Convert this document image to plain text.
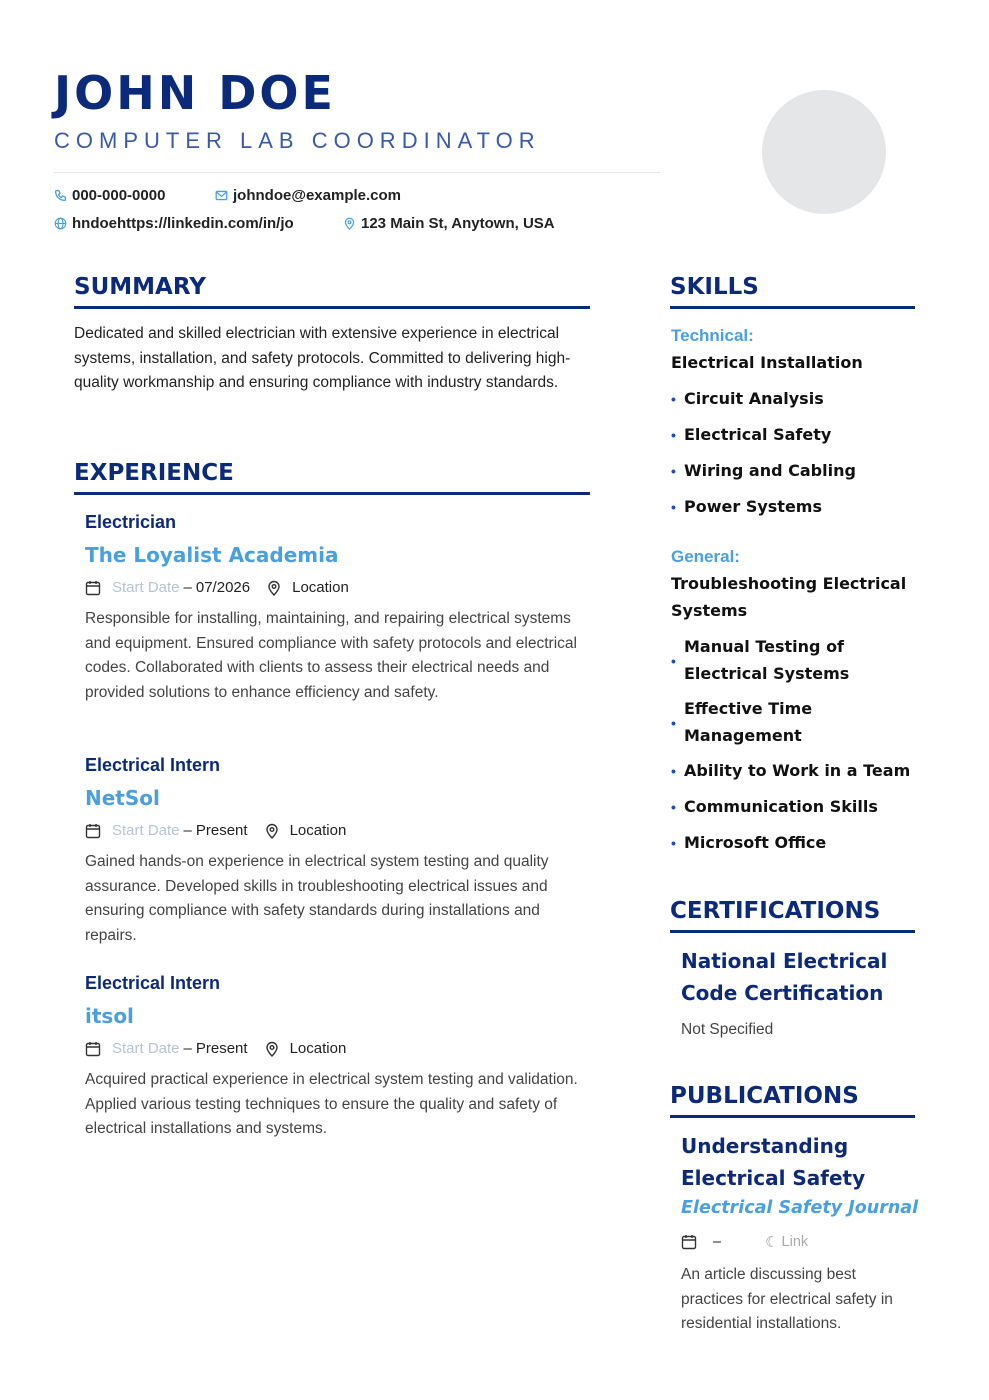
JOHN DOE
COMPUTER LAB COORDINATOR
000-000-0000	johndoe@example.com
hndoehttps://linkedin.com/in/jo	123 Main St, Anytown, USA
SUMMARY
Dedicated and skilled electrician with extensive experience in electrical systems, installation, and safety protocols. Committed to delivering high-quality workmanship and ensuring compliance with industry standards.
EXPERIENCE
Electrician
The Loyalist Academia
Start Date – 07/2026	Location
Responsible for installing, maintaining, and repairing electrical systems and equipment. Ensured compliance with safety protocols and electrical codes. Collaborated with clients to assess their electrical needs and provided solutions to enhance efficiency and safety.
Electrical Intern
NetSol
Start Date – Present	Location
Gained hands-on experience in electrical system testing and quality assurance. Developed skills in troubleshooting electrical issues and ensuring compliance with safety standards during installations and repairs.
Electrical Intern
itsol
Start Date – Present	Location
Acquired practical experience in electrical system testing and validation. Applied various testing techniques to ensure the quality and safety of electrical installations and systems.
SKILLS
Technical:
Electrical Installation
• Circuit Analysis
• Electrical Safety
• Wiring and Cabling
• Power Systems
General:
Troubleshooting Electrical Systems
•
Manual Testing of Electrical Systems
•
Effective Time Management
• Ability to Work in a Team
• Communication Skills
• Microsoft Office
CERTIFICATIONS
National Electrical Code Certification
Not Specified
PUBLICATIONS
Understanding Electrical Safety
Electrical Safety Journal
–	☾ Link
An article discussing best practices for electrical safety in residential installations.
